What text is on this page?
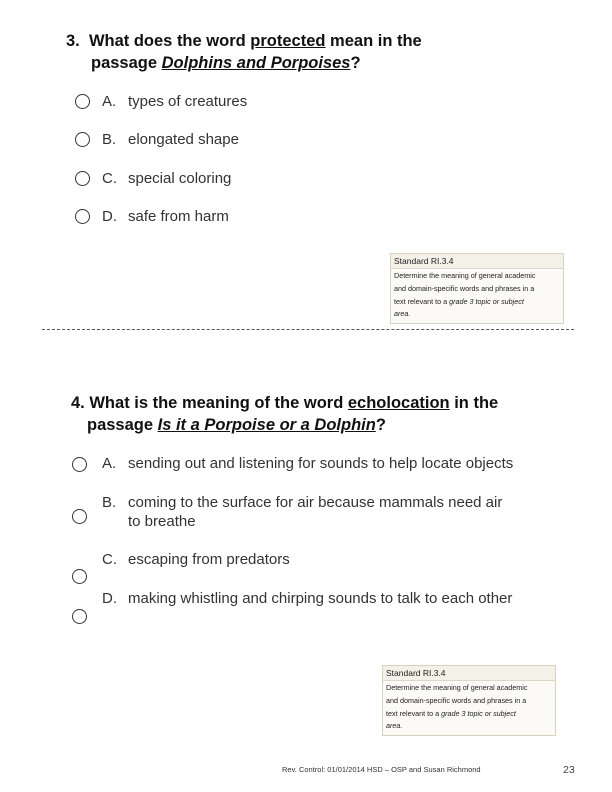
3. What does the word protected mean in the
passage Dolphins and Porpoises?
A. types of creatures
B. elongated shape
C. special coloring
D. safe from harm
Standard RI.3.4
Determine the meaning of general academic
and domain-specific words and phrases in a
text relevant to a grade 3 topic or subject
area.
4. What is the meaning of the word echolocation in the
passage Is it a Porpoise or a Dolphin?
A. sending out and listening for sounds to help locate objects
B. coming to the surface for air because mammals need air
to breathe
C. escaping from predators
D. making whistling and chirping sounds to talk to each other
Standard RI.3.4
Determine the meaning of general academic
and domain-specific words and phrases in a
text relevant to a grade 3 topic or subject
area.
Rev. Control: 01/01/2014 HSD – OSP and Susan Richmond	23
